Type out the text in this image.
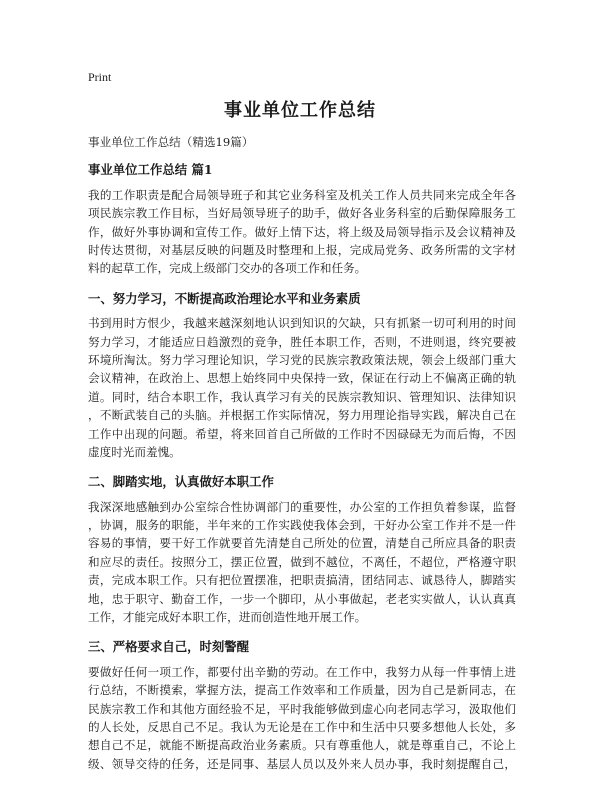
Print
事业单位工作总结

事业单位工作总结（精选19篇）

事业单位工作总结 篇1
我的工作职责是配合局领导班子和其它业务科室及机关工作人员共同来完成全年各
项民族宗教工作目标，当好局领导班子的助手，做好各业务科室的后勤保障服务工
作，做好外事协调和宣传工作。做好上情下达，将上级及局领导指示及会议精神及
时传达贯彻，对基层反映的问题及时整理和上报，完成局党务、政务所需的文字材
料的起草工作，完成上级部门交办的各项工作和任务。
一、努力学习，不断提高政治理论水平和业务素质
书到用时方恨少，我越来越深刻地认识到知识的欠缺，只有抓紧一切可利用的时间
努力学习，才能适应日趋激烈的竞争，胜任本职工作，否则，不进则退，终究要被
环境所淘汰。努力学习理论知识，学习党的民族宗教政策法规，领会上级部门重大
会议精神，在政治上、思想上始终同中央保持一致，保证在行动上不偏离正确的轨
道。同时，结合本职工作，我认真学习有关的民族宗教知识、管理知识、法律知识
，不断武装自己的头脑。并根据工作实际情况，努力用理论指导实践，解决自己在
工作中出现的问题。希望，将来回首自己所做的工作时不因碌碌无为而后悔，不因
虚度时光而羞愧。
二、脚踏实地，认真做好本职工作
我深深地感触到办公室综合性协调部门的重要性，办公室的工作担负着参谋，监督
，协调，服务的职能，半年来的工作实践使我体会到，干好办公室工作并不是一件
容易的事情，要干好工作就要首先清楚自己所处的位置，清楚自己所应具备的职责
和应尽的责任。按照分工，摆正位置，做到不越位，不离任，不超位，严格遵守职
责，完成本职工作。只有把位置摆准，把职责搞清，团结同志、诚恳待人，脚踏实
地，忠于职守、勤奋工作，一步一个脚印，从小事做起，老老实实做人，认认真真
工作，才能完成好本职工作，进而创造性地开展工作。
三、严格要求自己，时刻警醒
要做好任何一项工作，都要付出辛勤的劳动。在工作中，我努力从每一件事情上进
行总结，不断摸索，掌握方法，提高工作效率和工作质量，因为自己是新同志，在
民族宗教工作和其他方面经验不足，平时我能够做到虚心向老同志学习，汲取他们
的人长处，反思自己不足。我认为无论是在工作中和生活中只要多想他人长处，多
想自己不足，就能不断提高政治业务素质。只有尊重他人，就是尊重自己，不论上
级、领导交待的任务，还是同事、基层人员以及外来人员办事，我时刻提醒自己，
